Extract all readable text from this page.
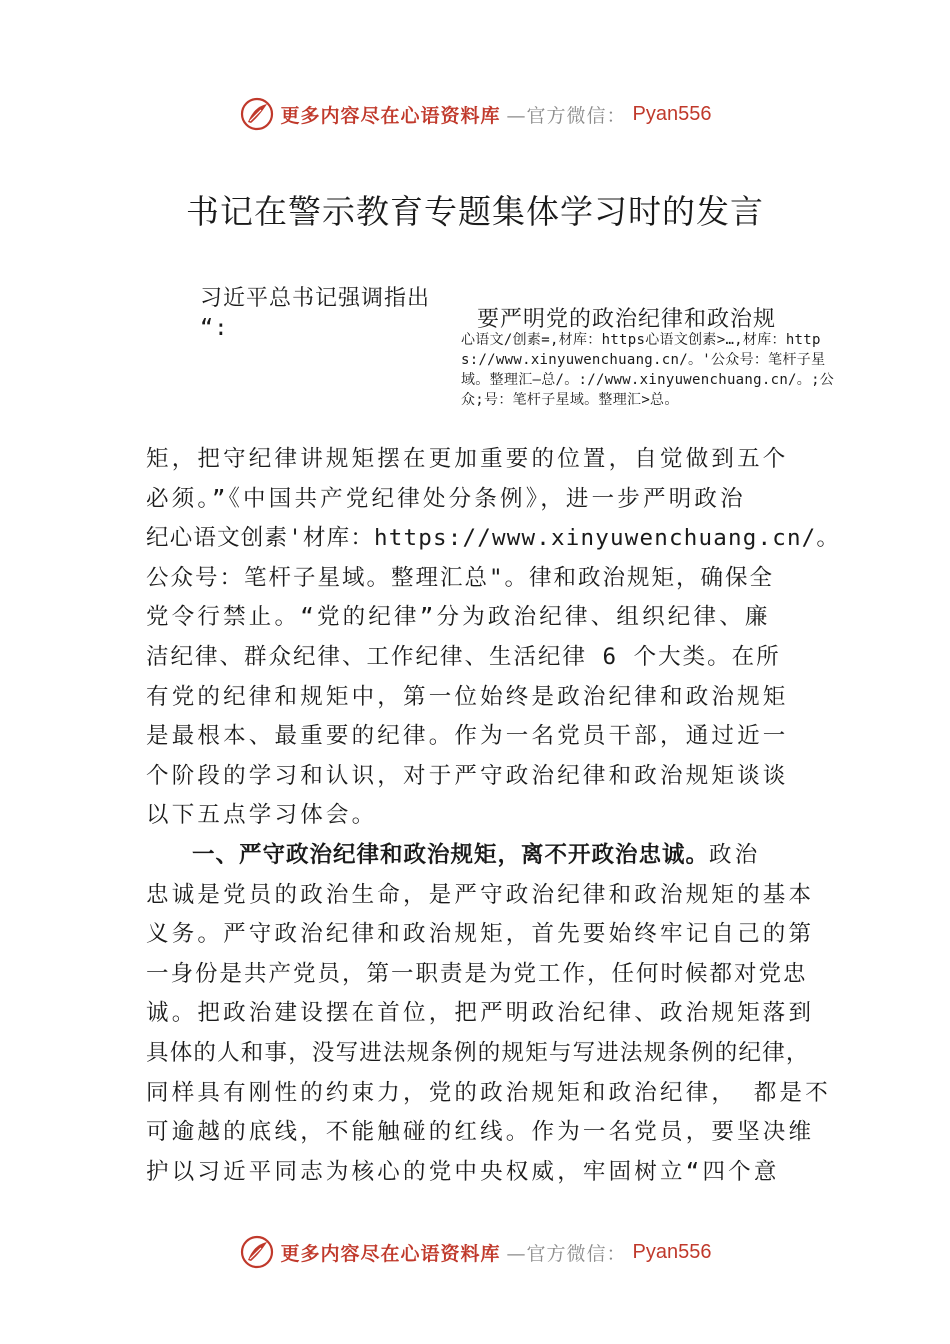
更多内容尽在心语资料库 —官方微信： Pyan556
书记在警示教育专题集体学习时的发言
习近平总书记强调指出
“:	要严明党的政治纪律和政治规
心语文/创素=,材库：https心语文创素>…,材库：https://www.xinyuwenchuang.cn/。'公众号：笔杆子星域。整理汇—总/。://www.xinyuwenchuang.cn/。;公众;号：笔杆子星域。整理汇>总。
矩，把守纪律讲规矩摆在更加重要的位置，自觉做到五个
必须。”《中国共产党纪律处分条例》，进一步严明政治
纪心语文创素'材库：https://www.xinyuwenchuang.cn/。
公众号：笔杆子星域。整理汇总"。律和政治规矩，确保全
党令行禁止。“党的纪律”分为政治纪律、组织纪律、廉
洁纪律、群众纪律、工作纪律、生活纪律 6 个大类。在所
有党的纪律和规矩中，第一位始终是政治纪律和政治规矩
是最根本、最重要的纪律。作为一名党员干部，通过近一
个阶段的学习和认识，对于严守政治纪律和政治规矩谈谈
以下五点学习体会。
一、严守政治纪律和政治规矩，离不开政治忠诚。政治
忠诚是党员的政治生命，是严守政治纪律和政治规矩的基本
义务。严守政治纪律和政治规矩，首先要始终牢记自己的第
一身份是共产党员，第一职责是为党工作，任何时候都对党忠
诚。把政治建设摆在首位，把严明政治纪律、政治规矩落到
具体的人和事，没写进法规条例的规矩与写进法规条例的纪律，
同样具有刚性的约束力，党的政治规矩和政治纪律， 都是不
可逾越的底线，不能触碰的红线。作为一名党员，要坚决维
护以习近平同志为核心的党中央权威，牢固树立“四个意
更多内容尽在心语资料库 —官方微信： Pyan556
